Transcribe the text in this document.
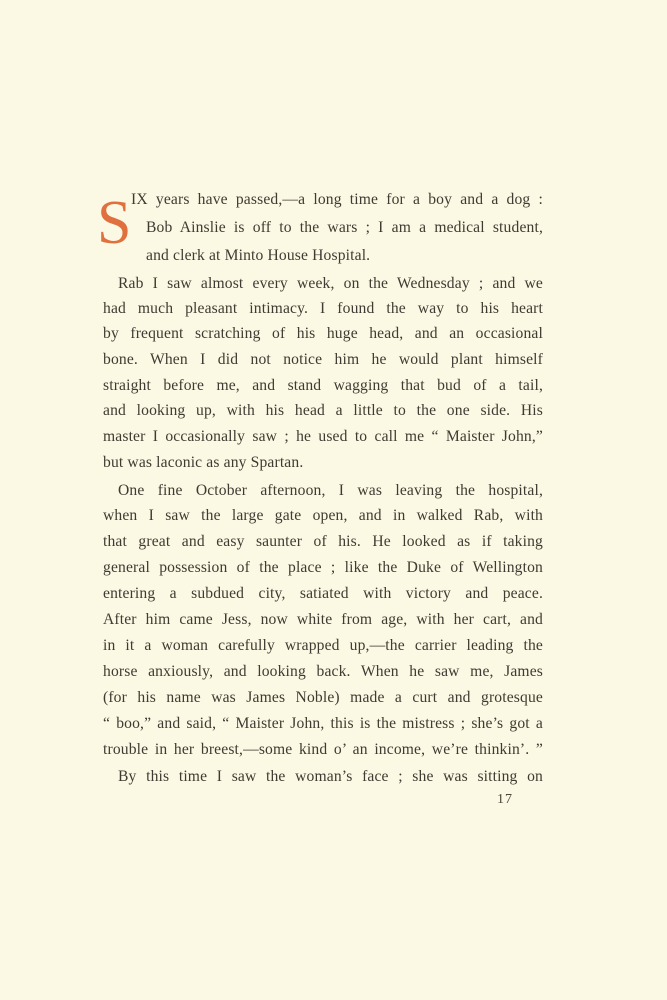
S IX years have passed,—a long time for a boy and a dog :
Bob Ainslie is off to the wars ; I am a medical student,
and clerk at Minto House Hospital.
Rab I saw almost every week, on the Wednesday ; and we
had much pleasant intimacy. I found the way to his heart
by frequent scratching of his huge head, and an occasional
bone. When I did not notice him he would plant himself
straight before me, and stand wagging that bud of a tail,
and looking up, with his head a little to the one side. His
master I occasionally saw ; he used to call me “ Maister John,”
but was laconic as any Spartan.
One fine October afternoon, I was leaving the hospital,
when I saw the large gate open, and in walked Rab, with
that great and easy saunter of his. He looked as if taking
general possession of the place ; like the Duke of Wellington
entering a subdued city, satiated with victory and peace.
After him came Jess, now white from age, with her cart, and
in it a woman carefully wrapped up,—the carrier leading the
horse anxiously, and looking back. When he saw me, James
(for his name was James Noble) made a curt and grotesque
“ boo,” and said, “ Maister John, this is the mistress ; she’s got a
trouble in her breest,—some kind o’ an income, we’re thinkin’. ”
By this time I saw the woman’s face ; she was sitting on
17
